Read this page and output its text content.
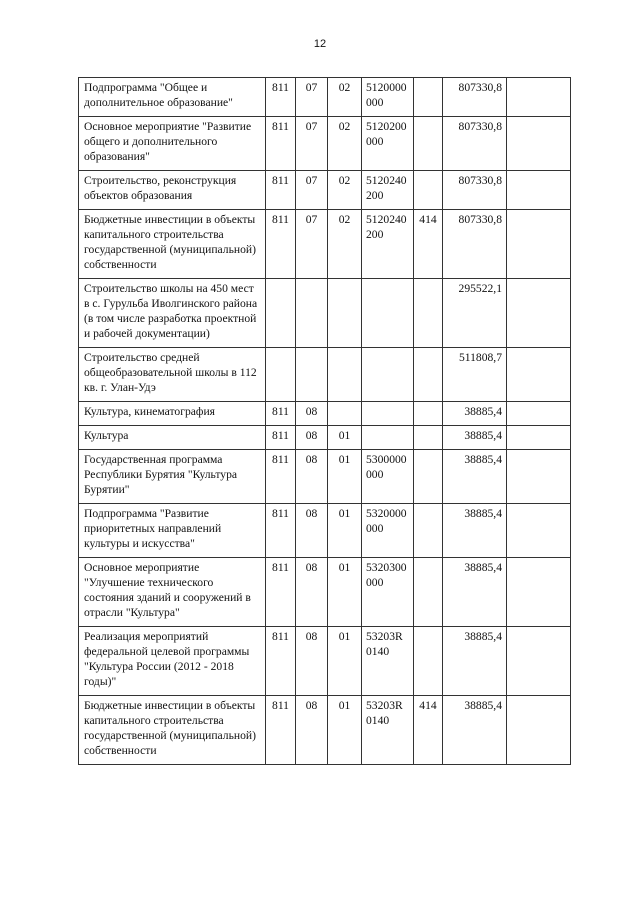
12
Подпрограмма "Общее и дополнительное образование"	811	07	02	5120000 000		807330,8	
Основное мероприятие "Развитие общего и дополнительного образования"	811	07	02	5120200 000		807330,8	
Строительство, реконструкция объектов образования	811	07	02	5120240 200		807330,8	
Бюджетные инвестиции в объекты капитального строительства государственной (муниципальной) собственности	811	07	02	5120240 200	414	807330,8	
Строительство школы на 450 мест в с. Гурульба Иволгинского района (в том числе разработка проектной и рабочей документации)						295522,1	
Строительство средней общеобразовательной школы в 112 кв. г. Улан-Удэ						511808,7	
Культура, кинематография	811	08				38885,4	
Культура	811	08	01			38885,4	
Государственная программа Республики Бурятия "Культура Бурятии"	811	08	01	5300000 000		38885,4	
Подпрограмма "Развитие приоритетных направлений культуры и искусства"	811	08	01	5320000 000		38885,4	
Основное мероприятие "Улучшение технического состояния зданий и сооружений в отрасли "Культура"	811	08	01	5320300 000		38885,4	
Реализация мероприятий федеральной целевой программы "Культура России (2012 - 2018 годы)"	811	08	01	53203R 0140		38885,4	
Бюджетные инвестиции в объекты капитального строительства государственной (муниципальной) собственности	811	08	01	53203R 0140	414	38885,4	
